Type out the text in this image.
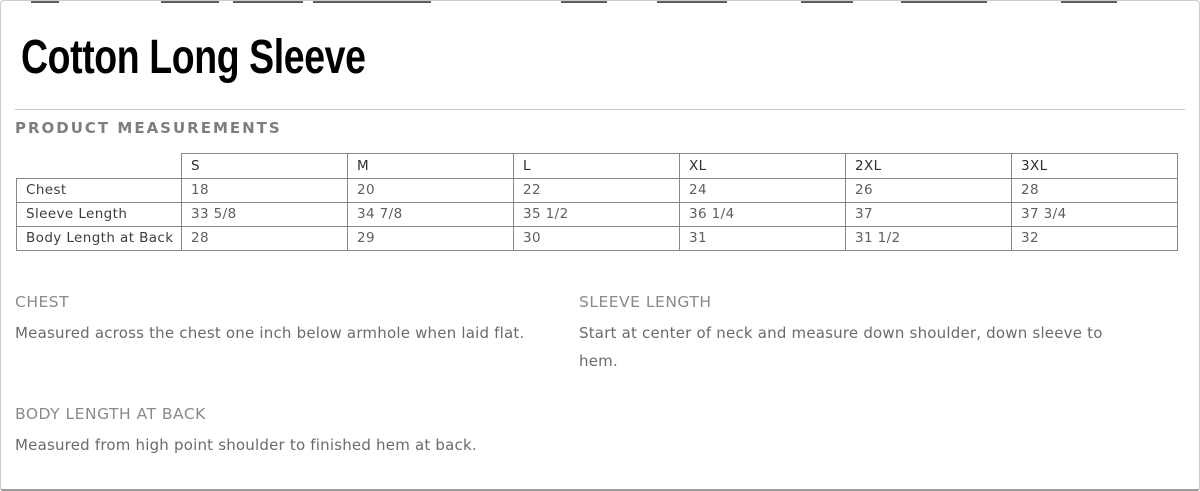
Cotton Long Sleeve
PRODUCT MEASUREMENTS
	S	M	L	XL	2XL	3XL
Chest	18	20	22	24	26	28
Sleeve Length	33 5/8	34 7/8	35 1/2	36 1/4	37	37 3/4
Body Length at Back	28	29	30	31	31 1/2	32
CHEST
Measured across the chest one inch below armhole when laid flat.
SLEEVE LENGTH
Start at center of neck and measure down shoulder, down sleeve to hem.
BODY LENGTH AT BACK
Measured from high point shoulder to finished hem at back.
